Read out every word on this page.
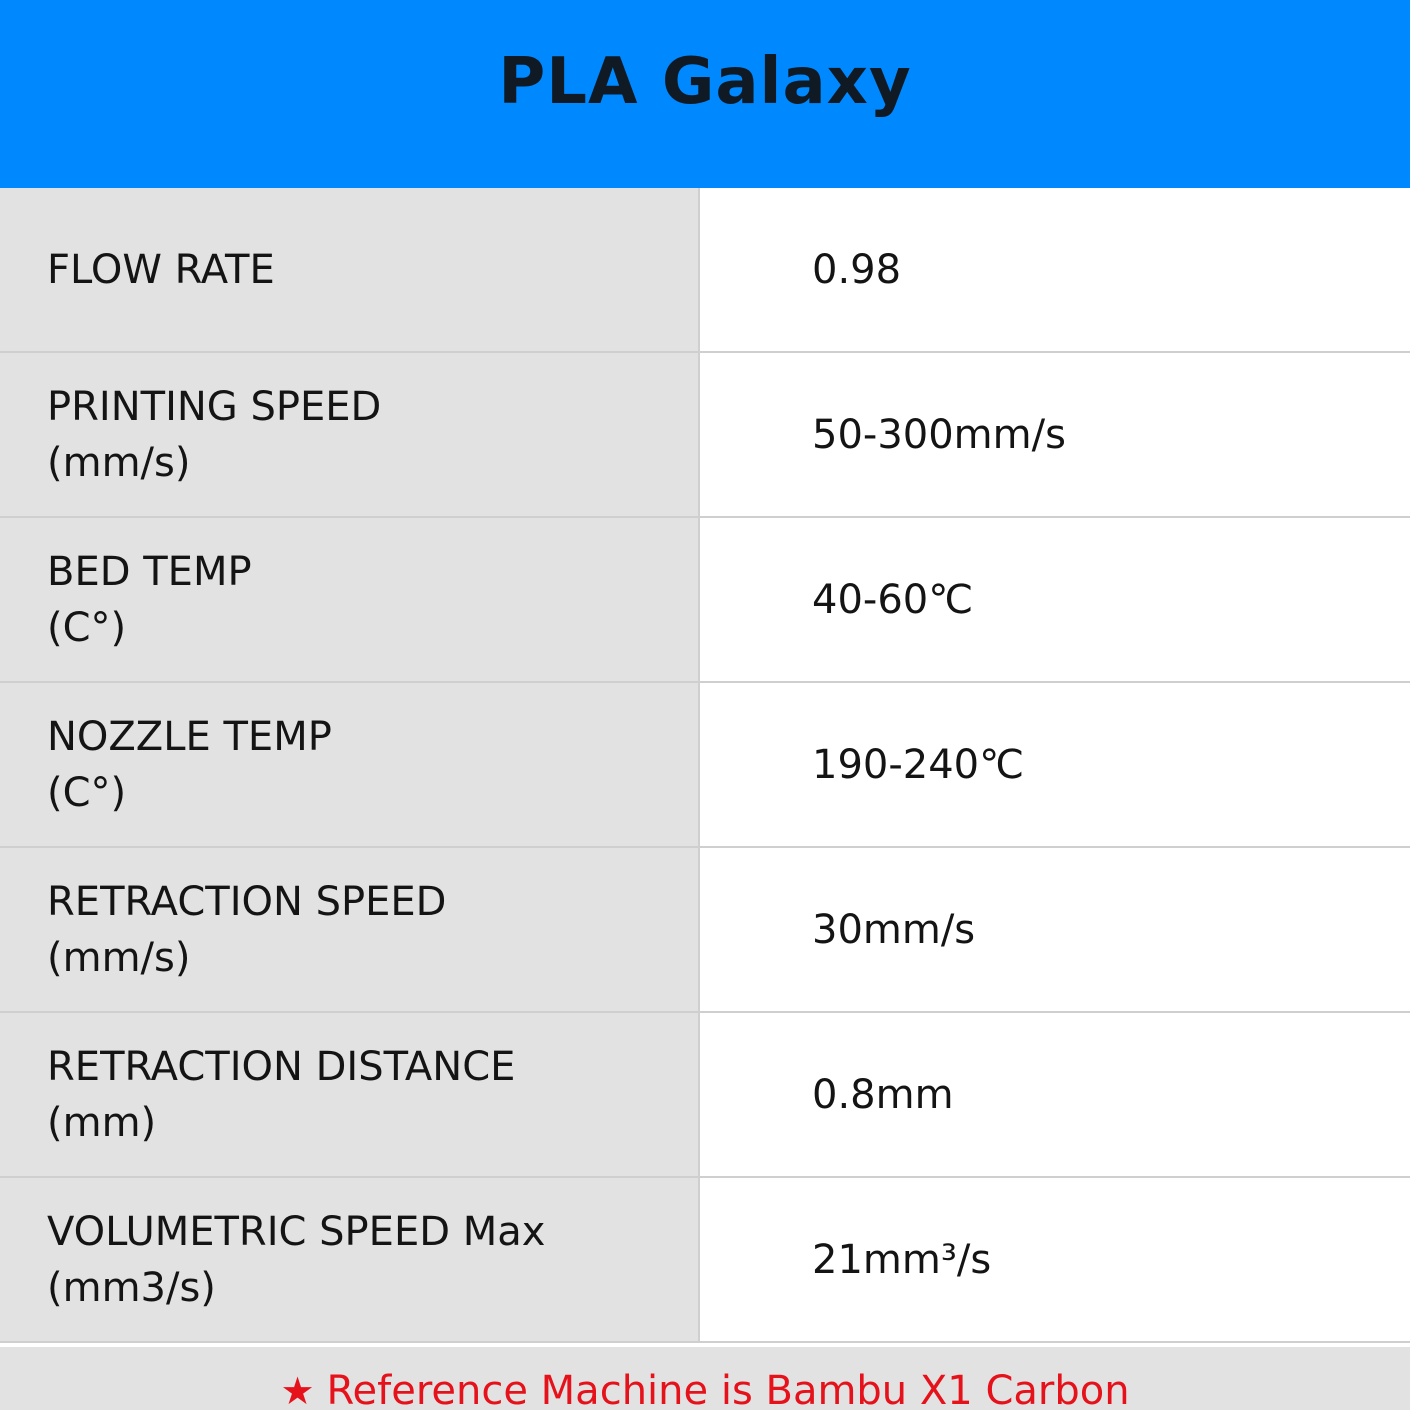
PLA Galaxy
FLOW RATE	0.98
PRINTING SPEED
(mm/s)
50-300mm/s
BED TEMP
(C°)
40-60℃
NOZZLE TEMP
(C°)
190-240℃
RETRACTION SPEED
(mm/s)
30mm/s
RETRACTION DISTANCE
(mm)
0.8mm
VOLUMETRIC SPEED Max
(mm3/s)
21mm³/s
★ Reference Machine is Bambu X1 Carbon
